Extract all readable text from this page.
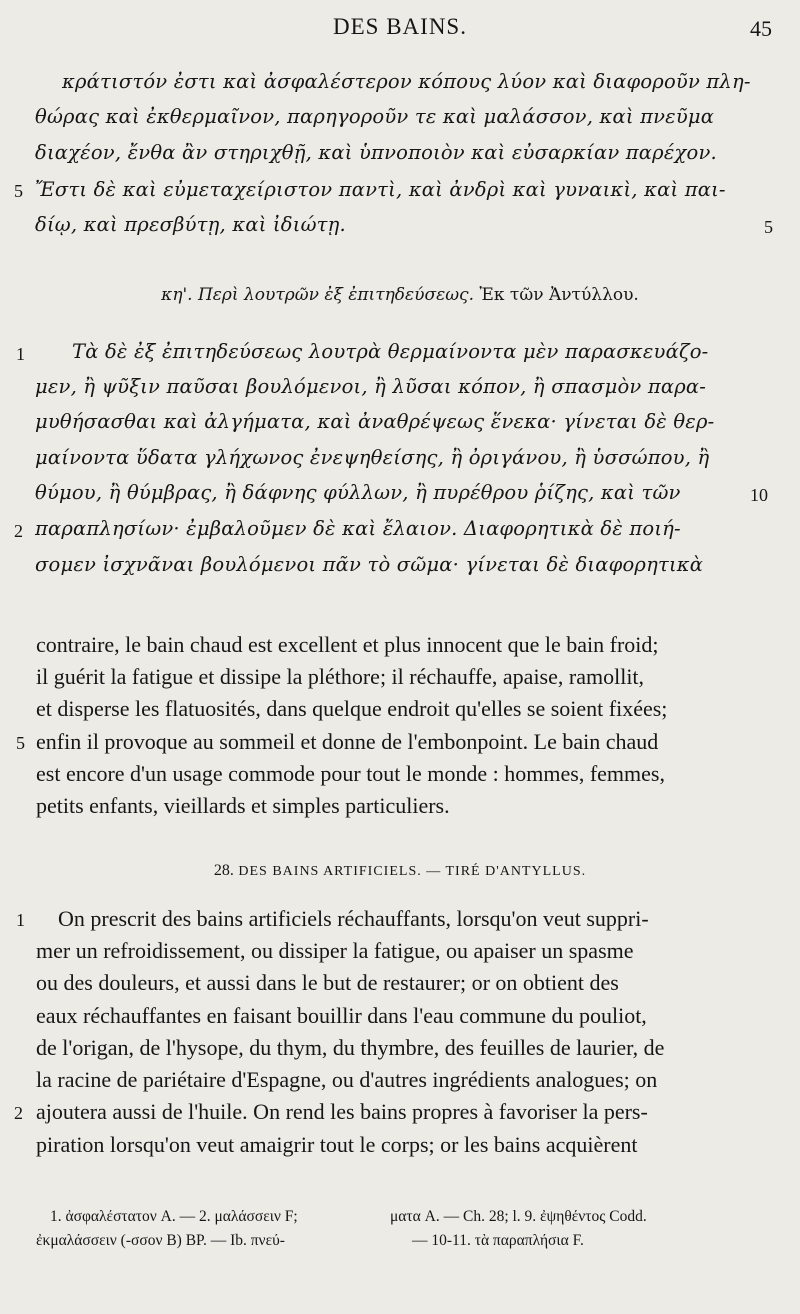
DES BAINS.	45
κράτιστόν ἐστι καὶ ἀσφαλέστερον κόπους λύον καὶ διαφοροῦν πλη-
θώρας καὶ ἐκθερμαῖνον, παρηγοροῦν τε καὶ μαλάσσον, καὶ πνεῦμα
διαχέον, ἔνθα ἂν στηριχθῇ, καὶ ὑπνοποιὸν καὶ εὐσαρκίαν παρέχον.
Ἔστι δὲ καὶ εὐμεταχείριστον παντὶ, καὶ ἀνδρὶ καὶ γυναικὶ, καὶ παι-
δίῳ, καὶ πρεσβύτῃ, καὶ ἰδιώτῃ.
κη'. Περὶ λουτρῶν ἐξ ἐπιτηδεύσεως. Ἐκ τῶν Ἀντύλλου.
Τὰ δὲ ἐξ ἐπιτηδεύσεως λουτρὰ θερμαίνοντα μὲν παρασκευάζο-
μεν, ἢ ψῦξιν παῦσαι βουλόμενοι, ἢ λῦσαι κόπον, ἢ σπασμὸν παρα-
μυθήσασθαι καὶ ἀλγήματα, καὶ ἀναθρέψεως ἕνεκα· γίνεται δὲ θερ-
μαίνοντα ὕδατα γλήχωνος ἐνεψηθείσης, ἢ ὀριγάνου, ἢ ὑσσώπου, ἢ
θύμου, ἢ θύμβρας, ἢ δάφνης φύλλων, ἢ πυρέθρου ῥίζης, καὶ τῶν
παραπλησίων· ἐμβαλοῦμεν δὲ καὶ ἔλαιον. Διαφορητικὰ δὲ ποιή-
σομεν ἰσχνᾶναι βουλόμενοι πᾶν τὸ σῶμα· γίνεται δὲ διαφορητικὰ
5
5
1
2
10
contraire, le bain chaud est excellent et plus innocent que le bain froid;
il guérit la fatigue et dissipe la pléthore; il réchauffe, apaise, ramollit,
et disperse les flatuosités, dans quelque endroit qu'elles se soient fixées;
enfin il provoque au sommeil et donne de l'embonpoint. Le bain chaud
est encore d'un usage commode pour tout le monde : hommes, femmes,
petits enfants, vieillards et simples particuliers.
28. DES BAINS ARTIFICIELS. — TIRÉ D'ANTYLLUS.
On prescrit des bains artificiels réchauffants, lorsqu'on veut suppri-
mer un refroidissement, ou dissiper la fatigue, ou apaiser un spasme
ou des douleurs, et aussi dans le but de restaurer; or on obtient des
eaux réchauffantes en faisant bouillir dans l'eau commune du pouliot,
de l'origan, de l'hysope, du thym, du thymbre, des feuilles de laurier, de
la racine de pariétaire d'Espagne, ou d'autres ingrédients analogues; on
ajoutera aussi de l'huile. On rend les bains propres à favoriser la pers-
piration lorsqu'on veut amaigrir tout le corps; or les bains acquièrent
5
1
2
1. ἀσφαλέστατον A. — 2. μαλάσσειν F;
ἐκμαλάσσειν (-σσον B) BP. — Ib. πνεύ-
ματα A. — Ch. 28; l. 9. ἐψηθέντος Codd.
— 10-11. τὰ παραπλήσια F.
